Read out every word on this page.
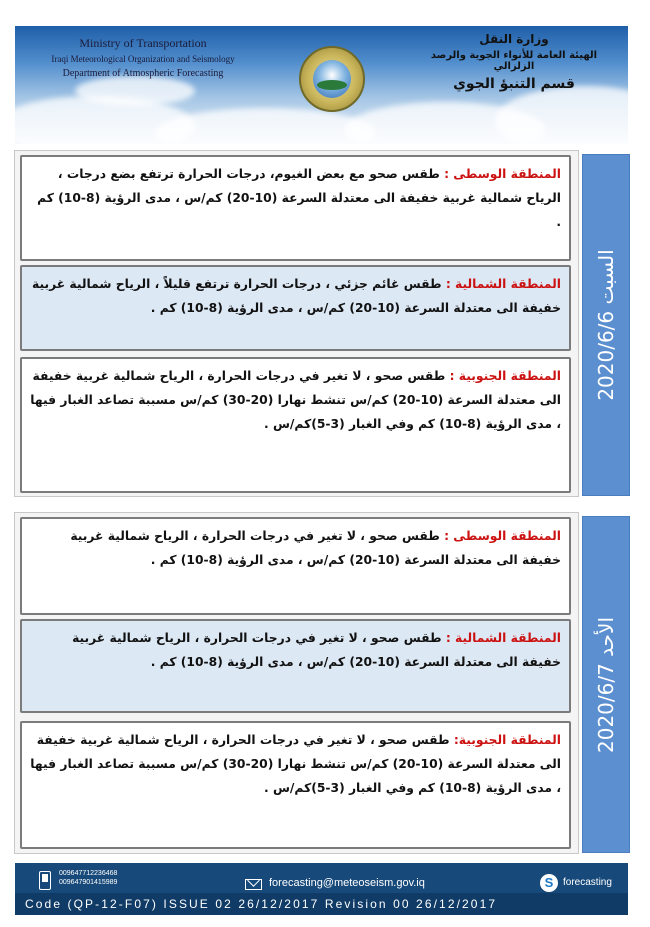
Ministry of Transportation
Iraqi Meteorological Organization and Seismology
Department of Atmospheric Forecasting
وزارة النقل
الهيئة العامة للأنواء الجوية والرصد الزلزالي
قسم التنبؤ الجوي
المنطقة الوسطى : طقس صحو مع بعض الغيوم، درجات الحرارة ترتفع بضع درجات ، الرياح شمالية غربية خفيفة الى معتدلة السرعة (10-20) كم/س ، مدى الرؤية (8-10) كم .
المنطقة الشمالية : طقس غائم جزئي ، درجات الحرارة ترتفع قليلاً ، الرياح شمالية غربية خفيفة الى معتدلة السرعة (10-20) كم/س ، مدى الرؤية (8-10) كم .
المنطقة الجنوبية : طقس صحو ، لا تغير في درجات الحرارة ، الرياح شمالية غربية خفيفة الى معتدلة السرعة (10-20) كم/س تنشط نهارا (20-30) كم/س مسببة تصاعد الغبار فيها ، مدى الرؤية (8-10) كم وفي الغبار (3-5)كم/س .
السبت 2020/6/6
المنطقة الوسطى : طقس صحو ، لا تغير في درجات الحرارة ، الرياح شمالية غربية خفيفة الى معتدلة السرعة (10-20) كم/س ، مدى الرؤية (8-10) كم .
المنطقة الشمالية : طقس صحو ، لا تغير في درجات الحرارة ، الرياح شمالية غربية خفيفة الى معتدلة السرعة (10-20) كم/س ، مدى الرؤية (8-10) كم .
المنطقة الجنوبية: طقس صحو ، لا تغير في درجات الحرارة ، الرياح شمالية غربية خفيفة الى معتدلة السرعة (10-20) كم/س تنشط نهارا (20-30) كم/س مسببة تصاعد الغبار فيها ، مدى الرؤية (8-10) كم وفي الغبار (3-5)كم/س .
الأحد 2020/6/7
009647712236468
009647901415989	forecasting@meteoseism.gov.iq	S forecasting
Code (QP-12-F07) ISSUE 02 26/12/2017 Revision 00 26/12/2017
